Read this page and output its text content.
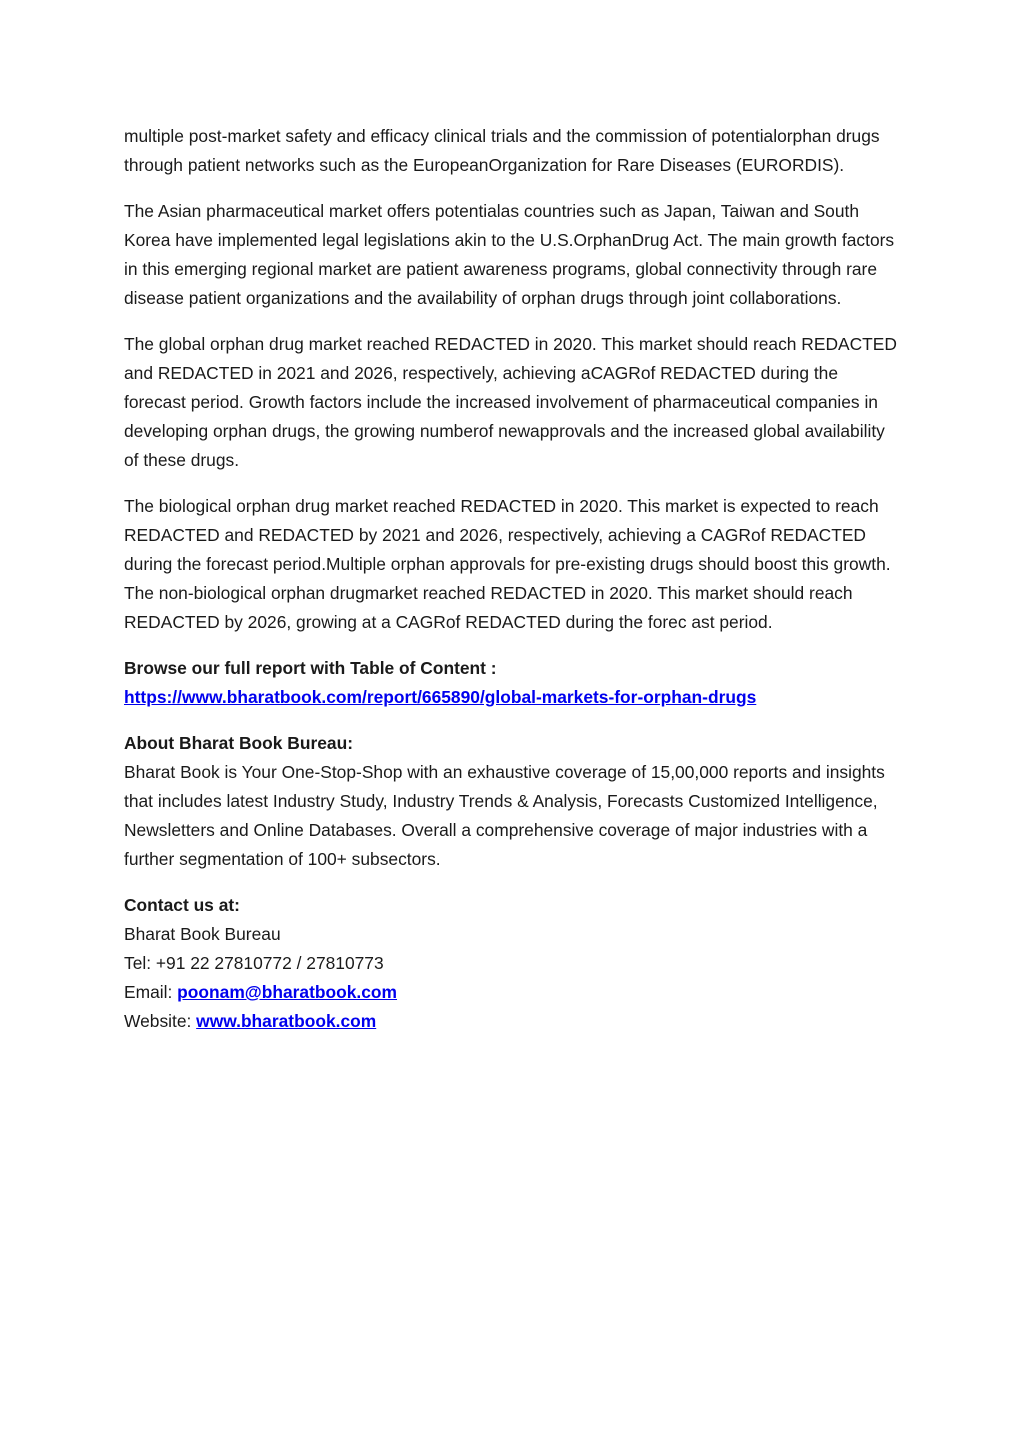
multiple post-market safety and efficacy clinical trials and the commission of potentialorphan drugs through patient networks such as the EuropeanOrganization for Rare Diseases (EURORDIS).

The Asian pharmaceutical market offers potentialas countries such as Japan, Taiwan and South Korea have implemented legal legislations akin to the U.S.OrphanDrug Act. The main growth factors in this emerging regional market are patient awareness programs, global connectivity through rare disease patient organizations and the availability of orphan drugs through joint collaborations.

The global orphan drug market reached REDACTED in 2020. This market should reach REDACTED and REDACTED in 2021 and 2026, respectively, achieving aCAGRof REDACTED during the forecast period. Growth factors include the increased involvement of pharmaceutical companies in developing orphan drugs, the growing numberof newapprovals and the increased global availability of these drugs.

The biological orphan drug market reached REDACTED in 2020. This market is expected to reach REDACTED and REDACTED by 2021 and 2026, respectively, achieving a CAGRof REDACTED during the forecast period.Multiple orphan approvals for pre-existing drugs should boost this growth. The non-biological orphan drugmarket reached REDACTED in 2020. This market should reach REDACTED by 2026, growing at a CAGRof REDACTED during the forec ast period.

Browse our full report with Table of Content :
https://www.bharatbook.com/report/665890/global-markets-for-orphan-drugs

About Bharat Book Bureau:
Bharat Book is Your One-Stop-Shop with an exhaustive coverage of 15,00,000 reports and insights that includes latest Industry Study, Industry Trends & Analysis, Forecasts Customized Intelligence, Newsletters and Online Databases. Overall a comprehensive coverage of major industries with a further segmentation of 100+ subsectors.

Contact us at:
Bharat Book Bureau
Tel: +91 22 27810772 / 27810773
Email: poonam@bharatbook.com
Website: www.bharatbook.com
